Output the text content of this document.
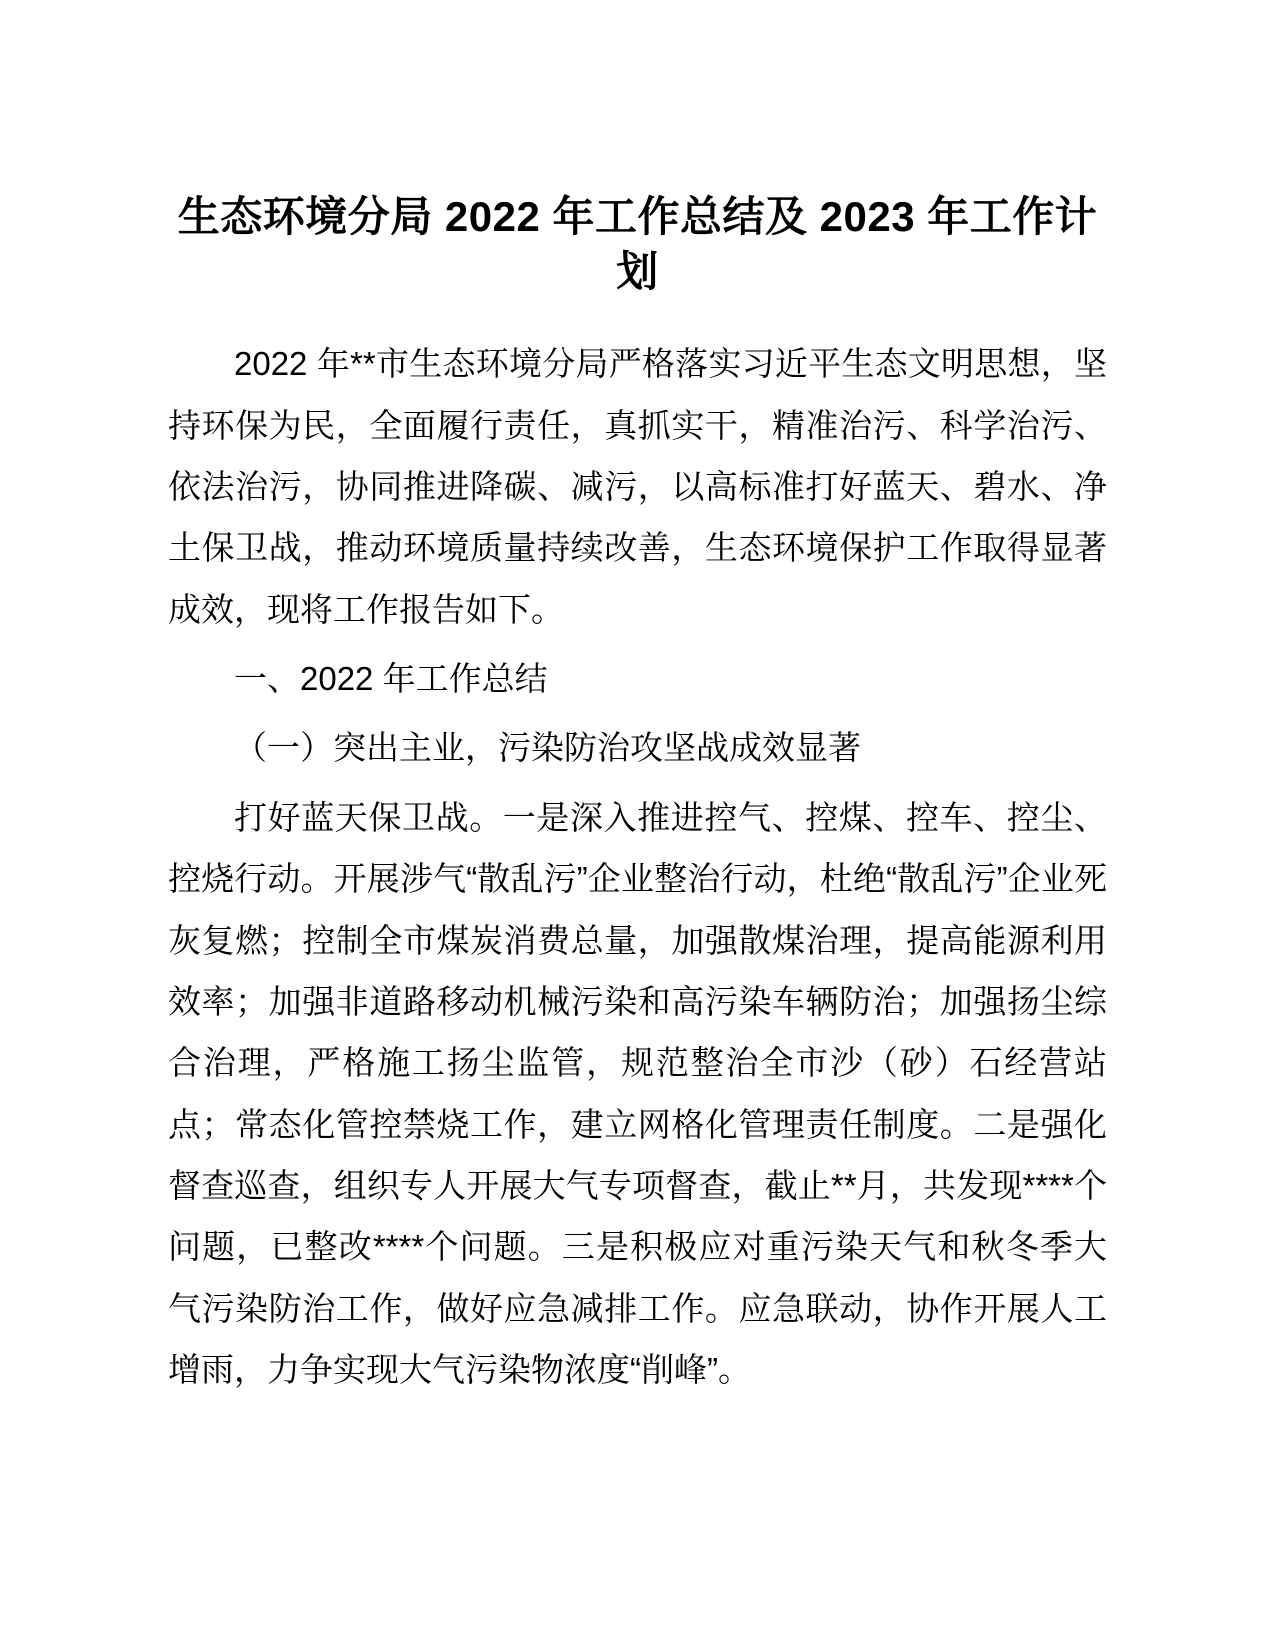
生态环境分局 2022 年工作总结及 2023 年工作计划

2022 年**市生态环境分局严格落实习近平生态文明思想，坚持环保为民，全面履行责任，真抓实干，精准治污、科学治污、依法治污，协同推进降碳、减污，以高标准打好蓝天、碧水、净土保卫战，推动环境质量持续改善，生态环境保护工作取得显著成效，现将工作报告如下。

一、2022 年工作总结

（一）突出主业，污染防治攻坚战成效显著

打好蓝天保卫战。一是深入推进控气、控煤、控车、控尘、控烧行动。开展涉气“散乱污”企业整治行动，杜绝“散乱污”企业死灰复燃；控制全市煤炭消费总量，加强散煤治理，提高能源利用效率；加强非道路移动机械污染和高污染车辆防治；加强扬尘综合治理，严格施工扬尘监管，规范整治全市沙（砂）石经营站点；常态化管控禁烧工作，建立网格化管理责任制度。二是强化督查巡查，组织专人开展大气专项督查，截止**月，共发现****个问题，已整改****个问题。三是积极应对重污染天气和秋冬季大气污染防治工作，做好应急减排工作。应急联动，协作开展人工增雨，力争实现大气污染物浓度“削峰”。
